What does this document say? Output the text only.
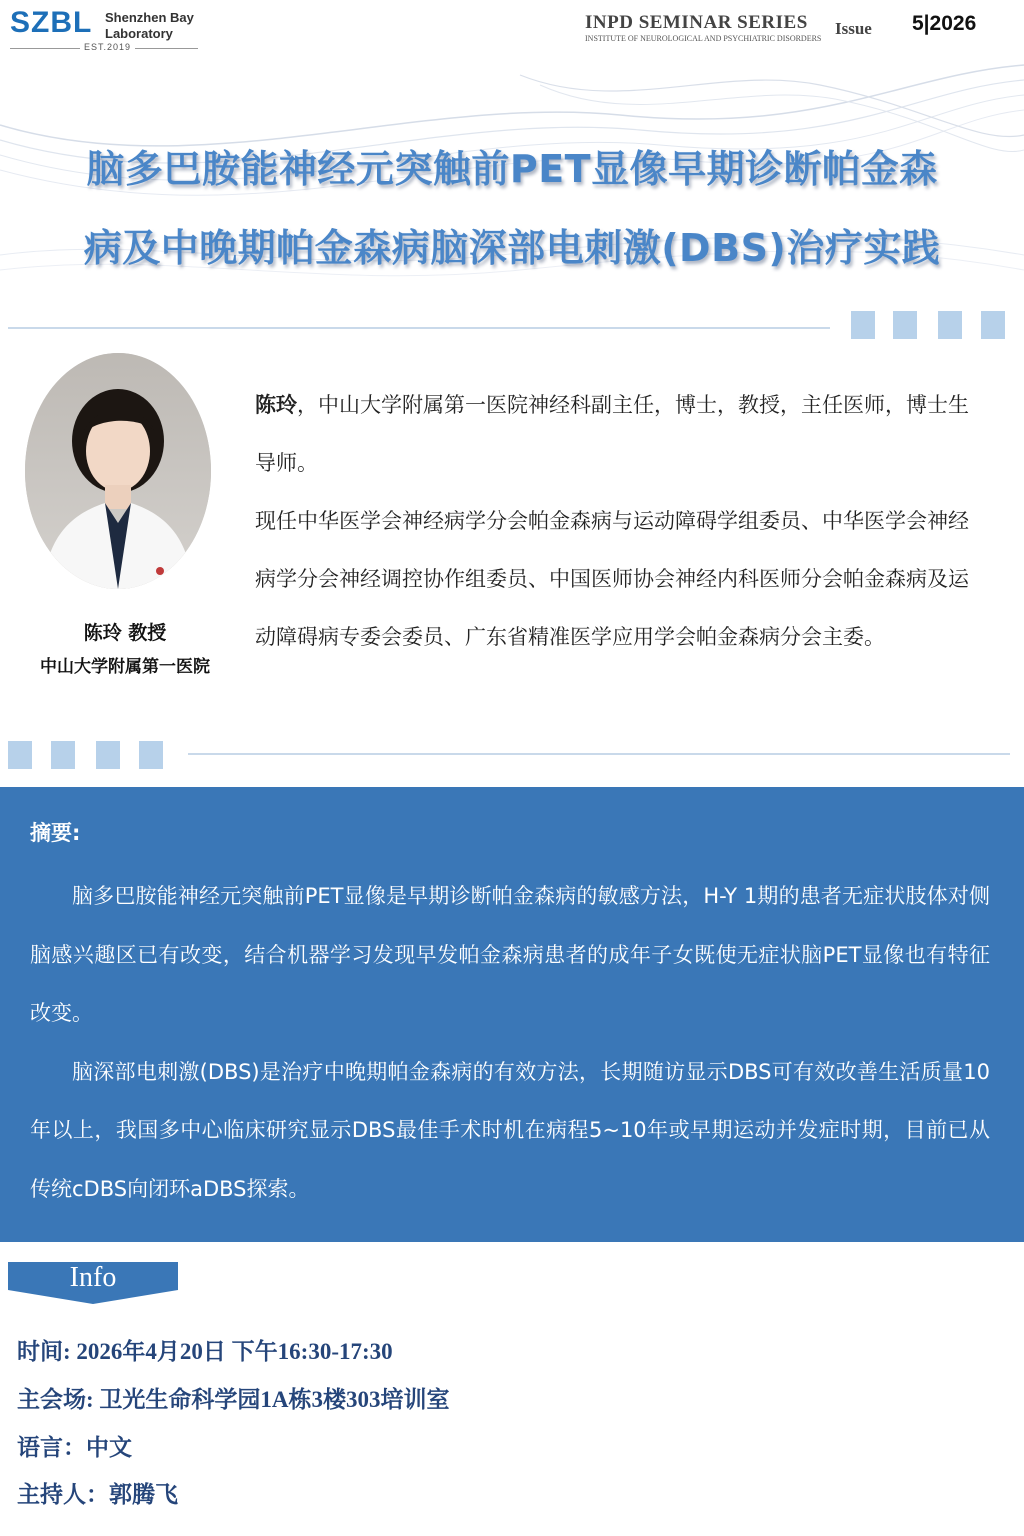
SZBL Shenzhen Bay
Laboratory
EST.2019
INPD SEMINAR SERIES
INSTITUTE OF NEUROLOGICAL AND PSYCHIATRIC DISORDERS
Issue 5|2026
脑多巴胺能神经元突触前PET显像早期诊断帕金森
病及中晚期帕金森病脑深部电刺激(DBS)治疗实践
陈玲 教授
中山大学附属第一医院

陈玲，中山大学附属第一医院神经科副主任，博士，教授，主任医师，博士生导师。

现任中华医学会神经病学分会帕金森病与运动障碍学组委员、中华医学会神经病学分会神经调控协作组委员、中国医师协会神经内科医师分会帕金森病及运动障碍病专委会委员、广东省精准医学应用学会帕金森病分会主委。

摘要:

脑多巴胺能神经元突触前PET显像是早期诊断帕金森病的敏感方法，H-Y 1期的患者无症状肢体对侧脑感兴趣区已有改变，结合机器学习发现早发帕金森病患者的成年子女既使无症状脑PET显像也有特征改变。

脑深部电刺激(DBS)是治疗中晚期帕金森病的有效方法，长期随访显示DBS可有效改善生活质量10年以上，我国多中心临床研究显示DBS最佳手术时机在病程5~10年或早期运动并发症时期，目前已从传统cDBS向闭环aDBS探索。

Info
时间: 2026年4月20日 下午16:30-17:30
主会场: 卫光生命科学园1A栋3楼303培训室
语言：中文
主持人：郭腾飞
